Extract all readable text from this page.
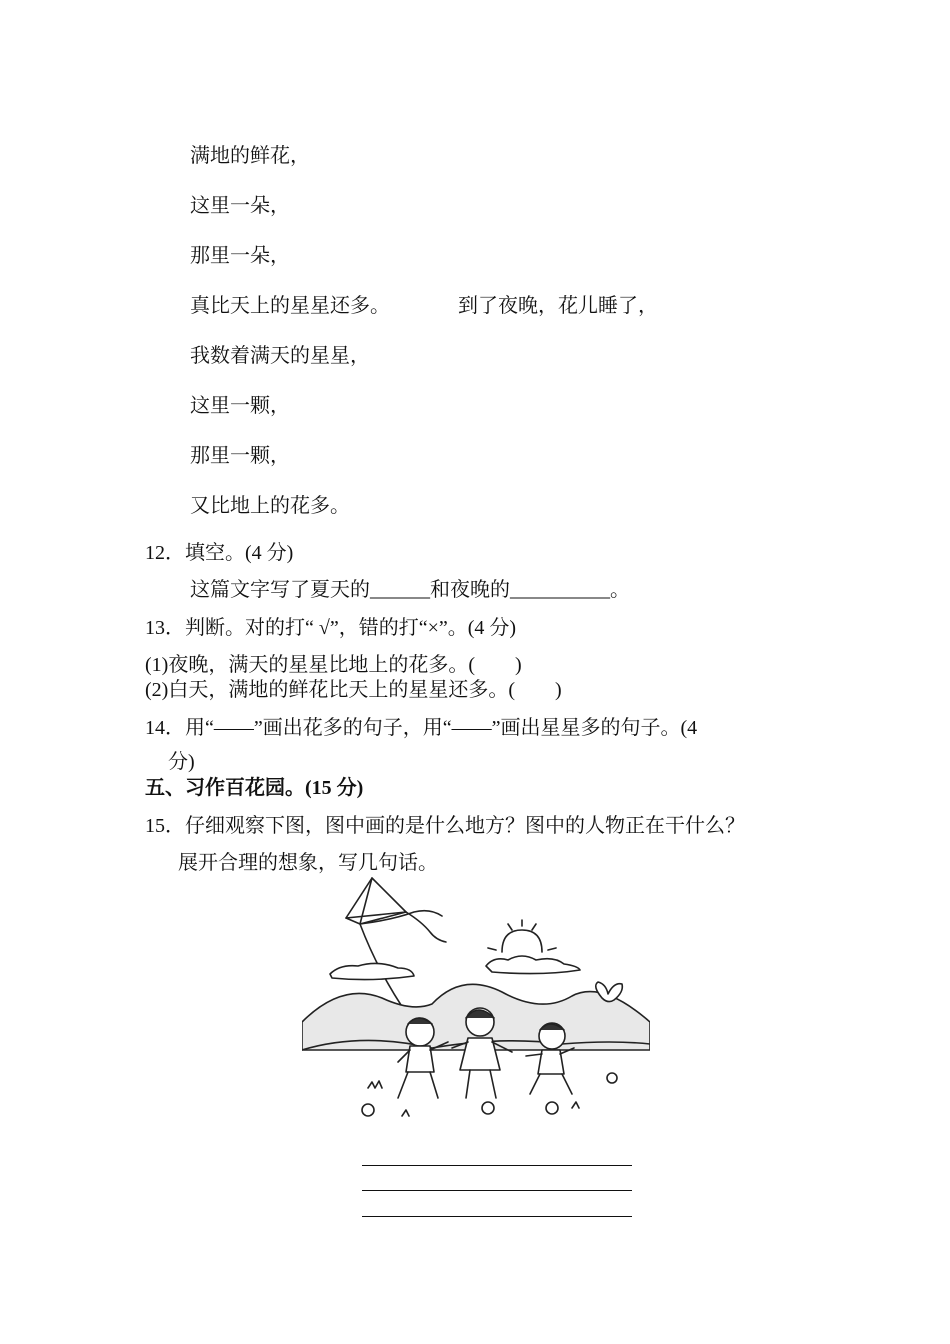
满地的鲜花，
这里一朵，
那里一朵，
真比天上的星星还多。	到了夜晚，花儿睡了，
我数着满天的星星，
这里一颗，
那里一颗，
又比地上的花多。
12．填空。(4 分)
这篇文字写了夏天的______和夜晚的__________。
13．判断。对的打“ √”，错的打“×”。(4 分)
(1)夜晚，满天的星星比地上的花多。(　　)
(2)白天，满地的鲜花比天上的星星还多。(　　)
14．用“——”画出花多的句子，用“——”画出星星多的句子。(4
分)
五、习作百花园。(15 分)
15．仔细观察下图，图中画的是什么地方？图中的人物正在干什么？
展开合理的想象，写几句话。
